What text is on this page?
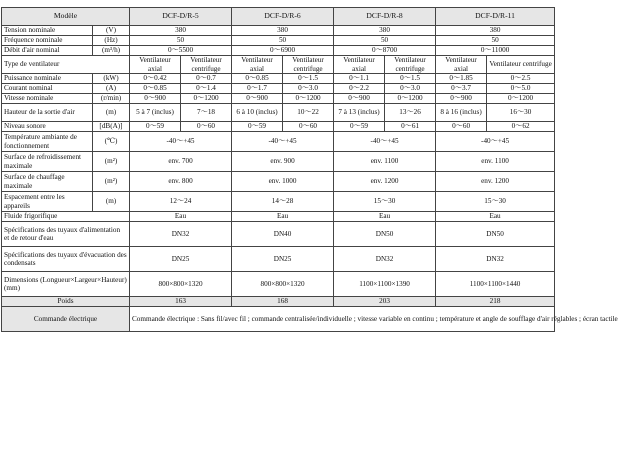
Modèle		DCF-D/R-5		DCF-D/R-6		DCF-D/R-8		DCF-D/R-11	
Tension nominale	(V)	380		380		380		380	
Fréquence nominale	(Hz)	50		50		50		50	
Débit d'air nominal	(m³/h)	0～5500		0～6900		0～8700		0～11000	
Type de ventilateur		Ventilateur axial	Ventilateur centrifuge	Ventilateur axial	Ventilateur centrifuge	Ventilateur axial	Ventilateur centrifuge	Ventilateur axial	Ventilateur centrifuge
Puissance nominale	(kW)	0～0.42	0～0.7	0～0.85	0～1.5	0～1.1	0～1.5	0～1.85	0～2.5
Courant nominal	(A)	0～0.85	0～1.4	0～1.7	0～3.0	0～2.2	0～3.0	0～3.7	0～5.0
Vitesse nominale	(r/min)	0～900	0～1200	0～900	0～1200	0～900	0～1200	0～900	0～1200
Hauteur de la sortie d'air	(m)	5 à 7 (inclus)	7～18	6 à 10 (inclus)	10～22	7 à 13 (inclus)	13～26	8 à 16 (inclus)	16～30
Niveau sonore	[dB(A)]	0～59	0～60	0～59	0～60	0～59	0～61	0～60	0～62
Température ambiante de fonctionnement	(℃)	-40～+45		-40～+45		-40～+45		-40～+45	
Surface de refroidissement maximale	(m²)	env. 700		env. 900		env. 1100		env. 1100	
Surface de chauffage maximale	(m²)	env. 800		env. 1000		env. 1200		env. 1200	
Espacement entre les appareils	(m)	12～24		14～28		15～30		15～30	
Fluide frigorifique		Eau		Eau		Eau		Eau	
Spécifications des tuyaux d'alimentation et de retour d'eau		DN32		DN40		DN50		DN50	
Spécifications des tuyaux d'évacuation des condensats		DN25		DN25		DN32		DN32	
Dimensions (Longueur×Largeur×Hauteur) (mm)		800×800×1320		800×800×1320		1100×1100×1390		1100×1100×1440	
Poids		163		168		203		218	
Commande électrique		Commande électrique : Sans fil/avec fil ; commande centralisée/individuelle ; vitesse variable en continu ; température et angle de soufflage d'air réglables ; écran tactile							
